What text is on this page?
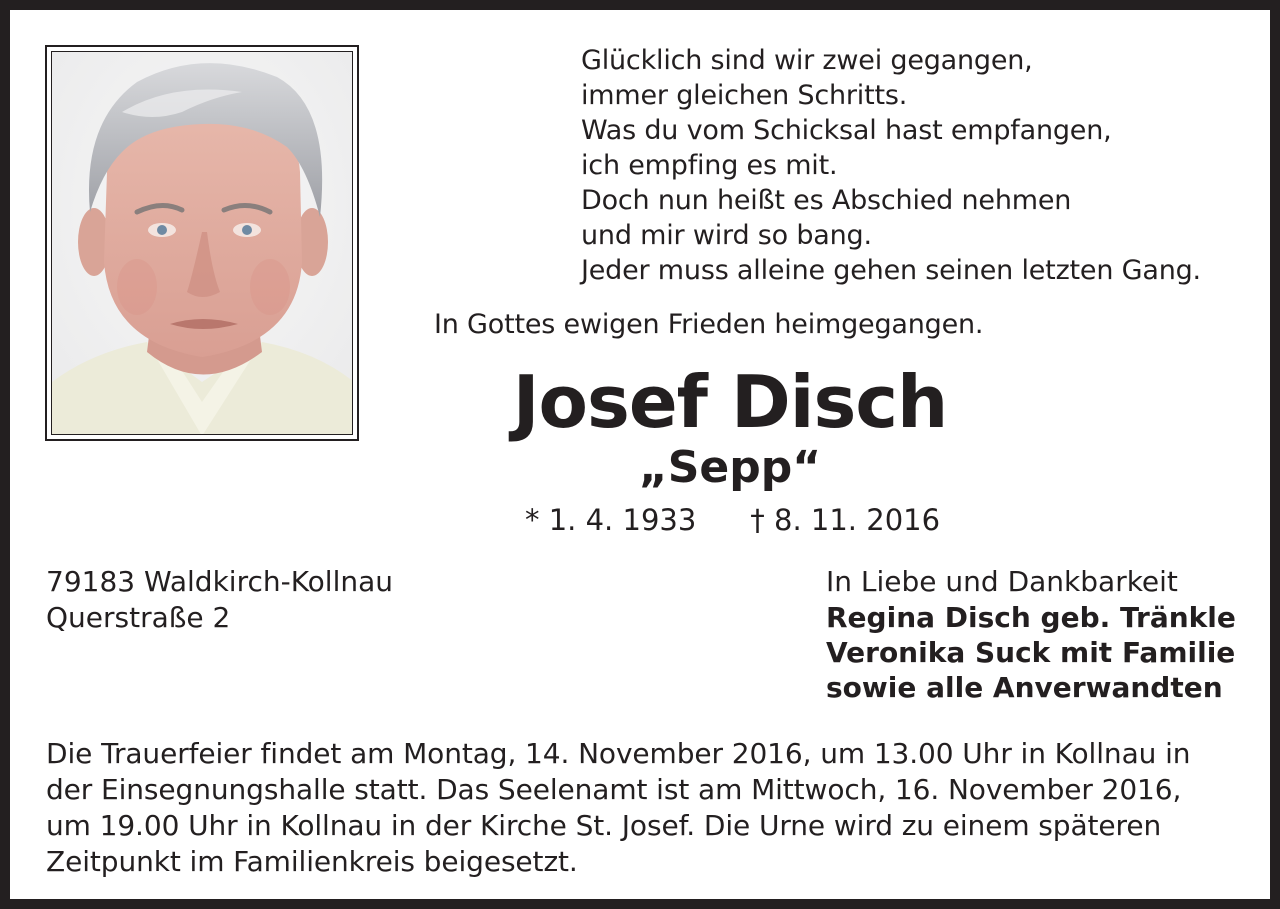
Glücklich sind wir zwei gegangen,
immer gleichen Schritts.
Was du vom Schicksal hast empfangen,
ich empfing es mit.
Doch nun heißt es Abschied nehmen
und mir wird so bang.
Jeder muss alleine gehen seinen letzten Gang.
In Gottes ewigen Frieden heimgegangen.
Josef Disch
„Sepp“
* 1. 4. 1933 † 8. 11. 2016
79183 Waldkirch-Kollnau
Querstraße 2
In Liebe und Dankbarkeit
Regina Disch geb. Tränkle
Veronika Suck mit Familie
sowie alle Anverwandten
Die Trauerfeier findet am Montag, 14. November 2016, um 13.00 Uhr in Kollnau in
der Einsegnungshalle statt. Das Seelenamt ist am Mittwoch, 16. November 2016,
um 19.00 Uhr in Kollnau in der Kirche St. Josef. Die Urne wird zu einem späteren
Zeitpunkt im Familienkreis beigesetzt.
